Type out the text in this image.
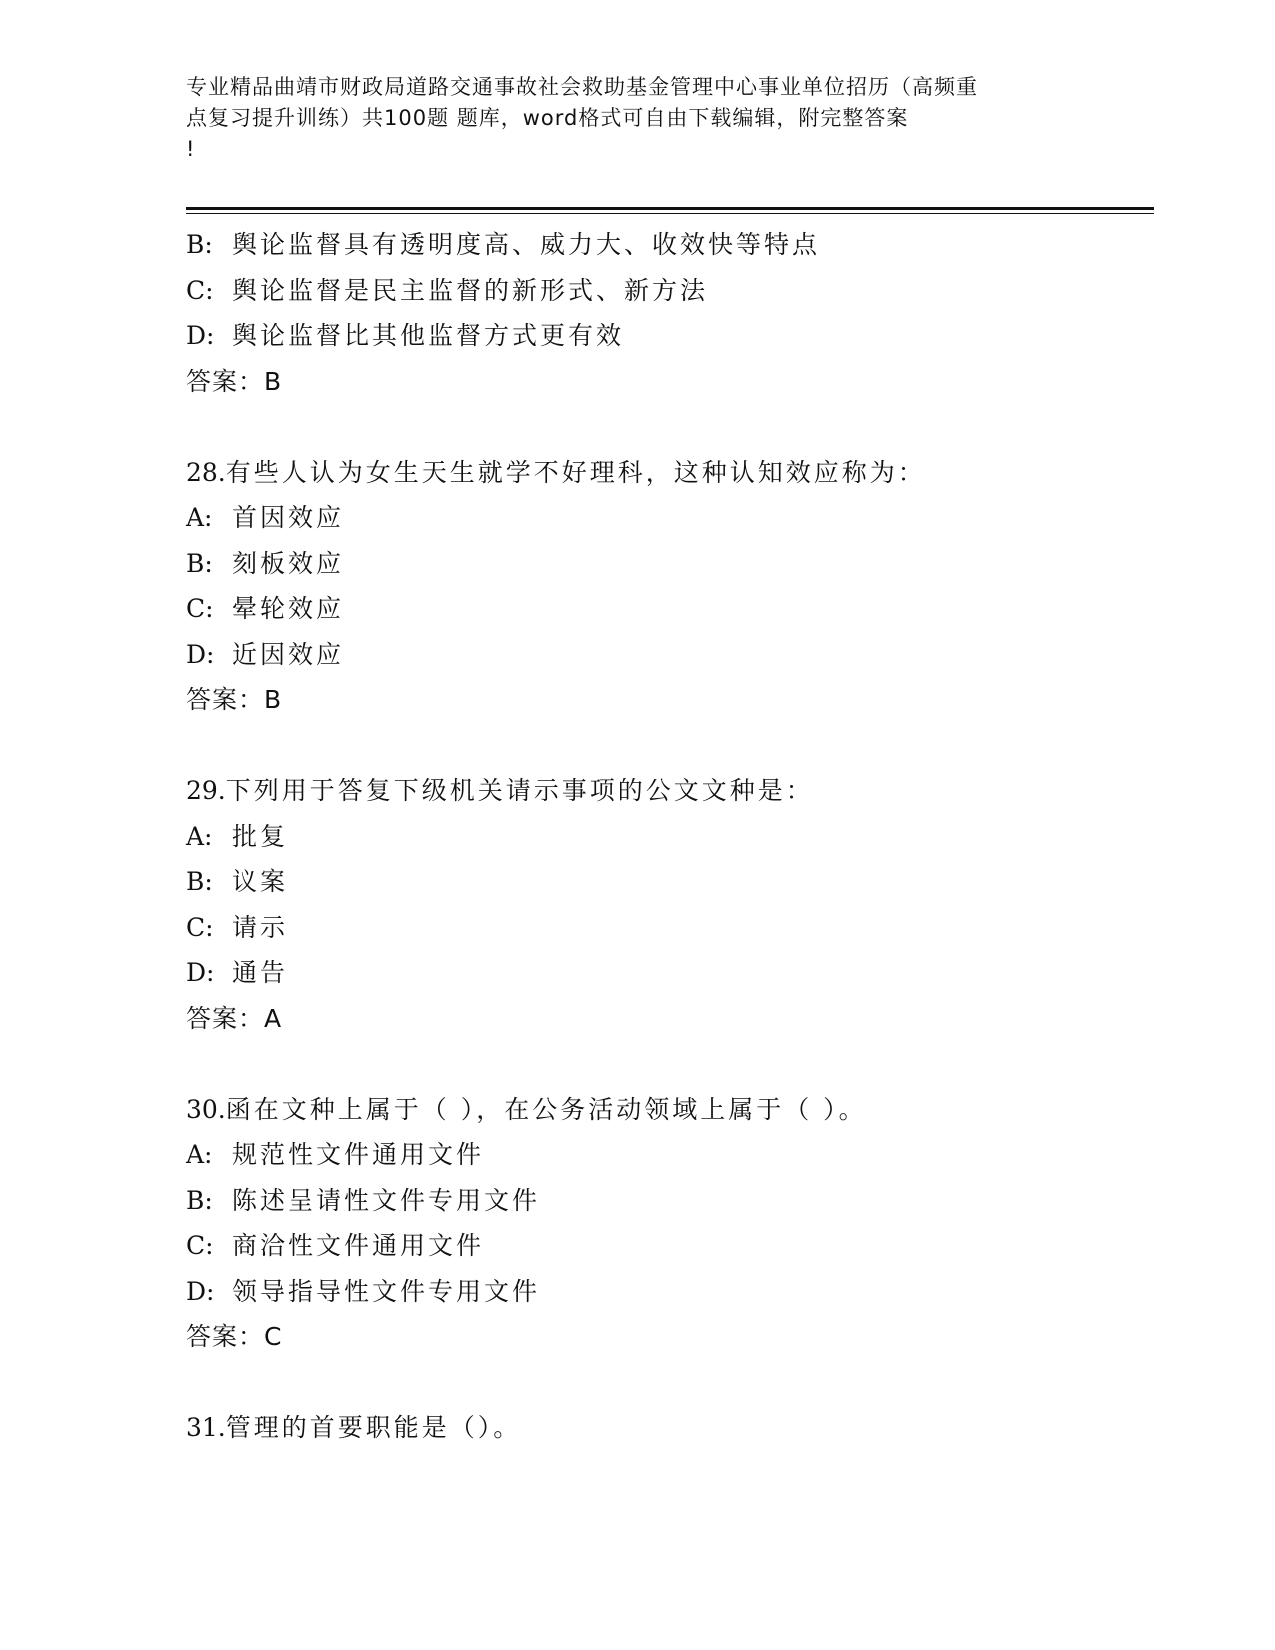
专业精品曲靖市财政局道路交通事故社会救助基金管理中心事业单位招历（高频重
点复习提升训练）共100题 题库，word格式可自由下载编辑，附完整答案
!
B: 舆论监督具有透明度高、威力大、收效快等特点
C: 舆论监督是民主监督的新形式、新方法
D: 舆论监督比其他监督方式更有效
答案：B
28.有些人认为女生天生就学不好理科，这种认知效应称为：
A: 首因效应
B: 刻板效应
C: 晕轮效应
D: 近因效应
答案：B
29.下列用于答复下级机关请示事项的公文文种是：
A: 批复
B: 议案
C: 请示
D: 通告
答案：A
30.函在文种上属于（ ），在公务活动领域上属于（ ）。
A: 规范性文件通用文件
B: 陈述呈请性文件专用文件
C: 商洽性文件通用文件
D: 领导指导性文件专用文件
答案：C
31.管理的首要职能是（）。
